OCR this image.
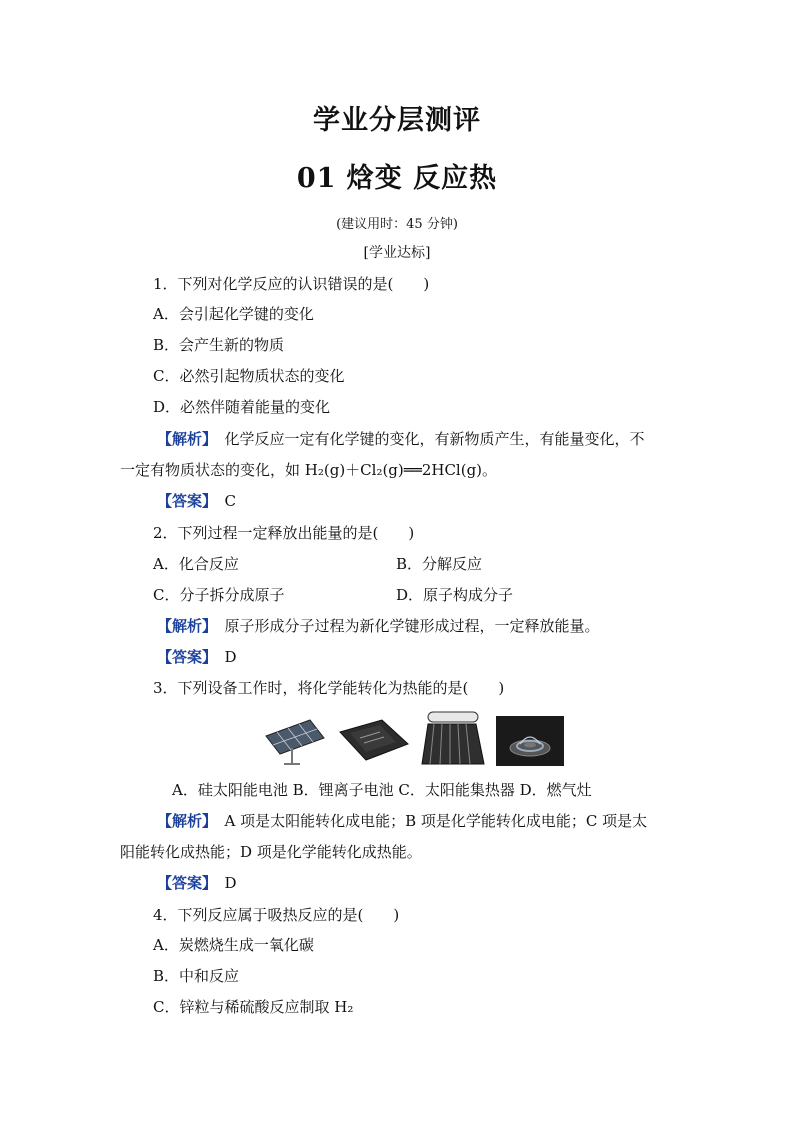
学业分层测评
01 焓变 反应热
(建议用时：45 分钟)
[学业达标]
1．下列对化学反应的认识错误的是(　　)
A．会引起化学键的变化
B．会产生新的物质
C．必然引起物质状态的变化
D．必然伴随着能量的变化
【解析】　 化学反应一定有化学键的变化，有新物质产生，有能量变化，不
一定有物质状态的变化，如 H₂(g)＋Cl₂(g)══2HCl(g)。
【答案】　 C
2．下列过程一定释放出能量的是(　　)
A．化合反应	B．分解反应
C．分子拆分成原子	D．原子构成分子
【解析】　 原子形成分子过程为新化学键形成过程，一定释放能量。
【答案】　 D
3．下列设备工作时，将化学能转化为热能的是(　　)
A．硅太阳能电池 B．锂离子电池 C．太阳能集热器 D．燃气灶
【解析】　 A 项是太阳能转化成电能；B 项是化学能转化成电能；C 项是太
阳能转化成热能；D 项是化学能转化成热能。
【答案】　 D
4．下列反应属于吸热反应的是(　　)
A．炭燃烧生成一氧化碳
B．中和反应
C．锌粒与稀硫酸反应制取 H₂
